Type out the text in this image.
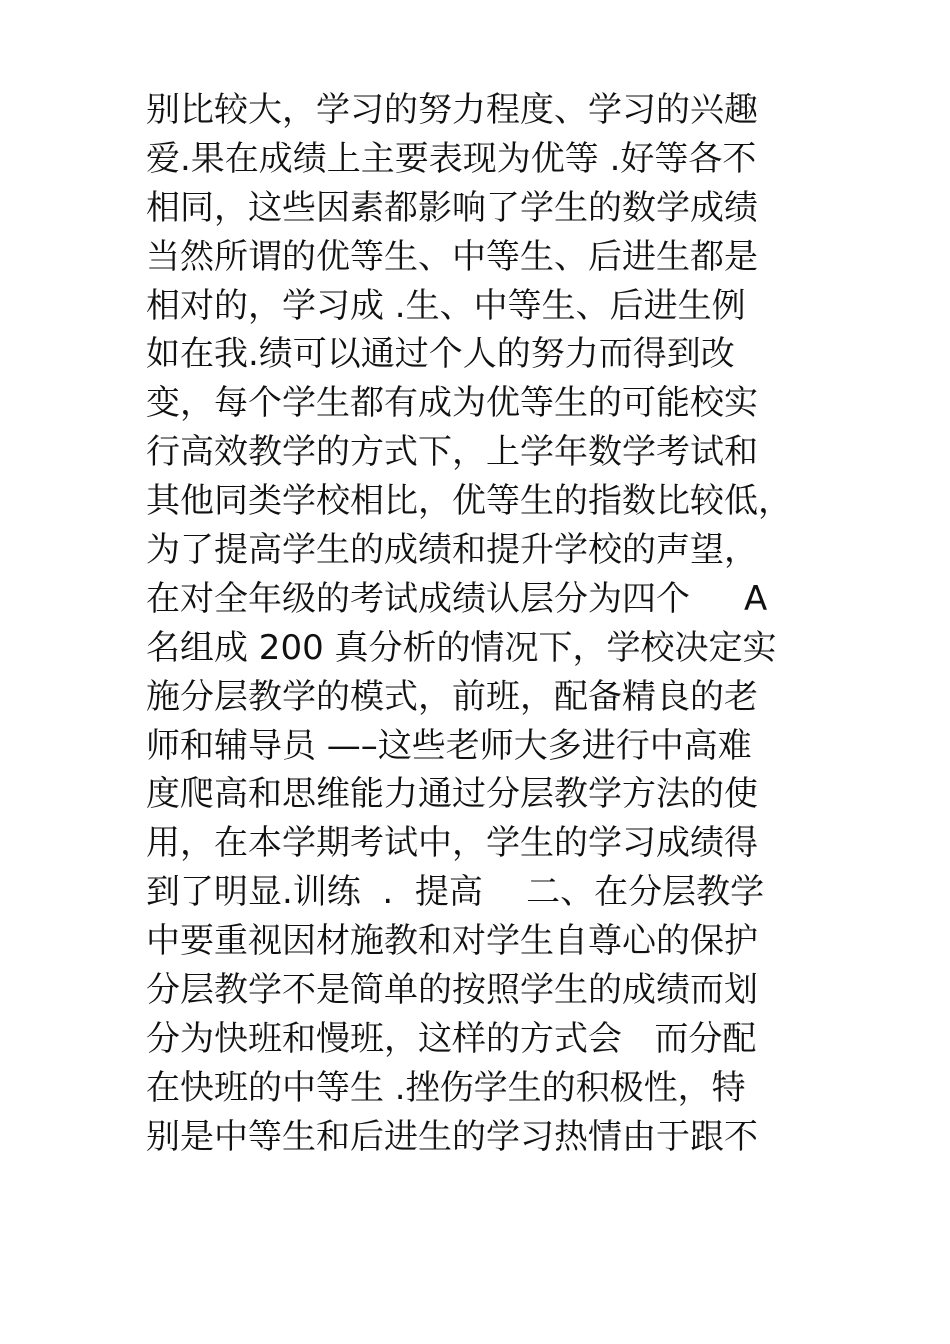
别比较大，学习的努力程度、学习的兴趣
爱.果在成绩上主要表现为优等 .好等各不
相同，这些因素都影响了学生的数学成绩
当然所谓的优等生、中等生、后进生都是
相对的，学习成 .生、中等生、后进生例
如在我.绩可以通过个人的努力而得到改
变，每个学生都有成为优等生的可能校实
行高效教学的方式下，上学年数学考试和
其他同类学校相比，优等生的指数比较低，
为了提高学生的成绩和提升学校的声望，
在对全年级的考试成绩认层分为四个     A
名组成 200 真分析的情况下，学校决定实
施分层教学的模式，前班，配备精良的老
师和辅导员 —–这些老师大多进行中高难
度爬高和思维能力通过分层教学方法的使
用，在本学期考试中，学生的学习成绩得
到了明显.训练  .  提高    二、在分层教学
中要重视因材施教和对学生自尊心的保护
分层教学不是简单的按照学生的成绩而划
分为快班和慢班，这样的方式会   而分配
在快班的中等生 .挫伤学生的积极性，特
别是中等生和后进生的学习热情由于跟不
